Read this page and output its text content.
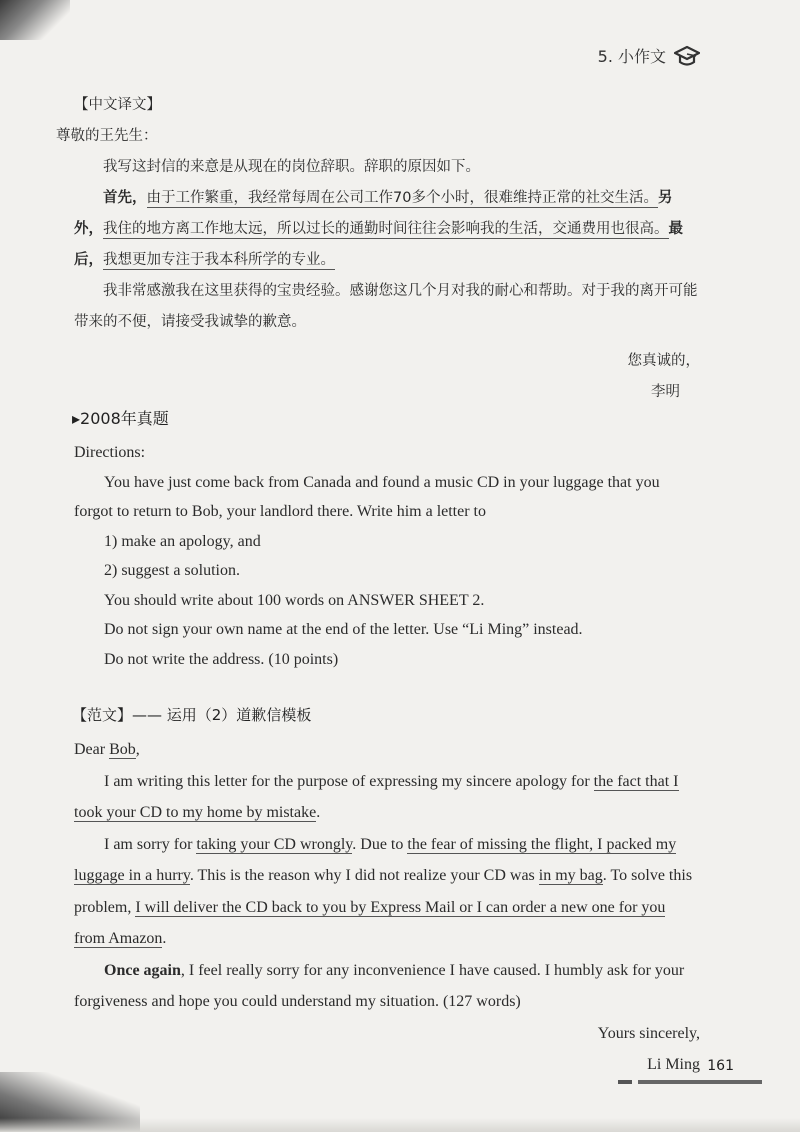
5. 小作文

【中文译文】

尊敬的王先生：

我写这封信的来意是从现在的岗位辞职。辞职的原因如下。

首先，由于工作繁重，我经常每周在公司工作70多个小时，很难维持正常的社交生活。另外，我住的地方离工作地太远，所以过长的通勤时间往往会影响我的生活，交通费用也很高。最后，我想更加专注于我本科所学的专业。

我非常感激我在这里获得的宝贵经验。感谢您这几个月对我的耐心和帮助。对于我的离开可能带来的不便，请接受我诚挚的歉意。

您真诚的，

李明

▸2008年真题

Directions:

You have just come back from Canada and found a music CD in your luggage that you forgot to return to Bob, your landlord there. Write him a letter to

1) make an apology, and

2) suggest a solution.

You should write about 100 words on ANSWER SHEET 2.

Do not sign your own name at the end of the letter. Use “Li Ming” instead.

Do not write the address. (10 points)

【范文】—— 运用（2）道歉信模板

Dear Bob,

I am writing this letter for the purpose of expressing my sincere apology for the fact that I took your CD to my home by mistake.

I am sorry for taking your CD wrongly. Due to the fear of missing the flight, I packed my luggage in a hurry. This is the reason why I did not realize your CD was in my bag. To solve this problem, I will deliver the CD back to you by Express Mail or I can order a new one for you from Amazon.

Once again, I feel really sorry for any inconvenience I have caused. I humbly ask for your forgiveness and hope you could understand my situation. (127 words)

Yours sincerely,

Li Ming 161
